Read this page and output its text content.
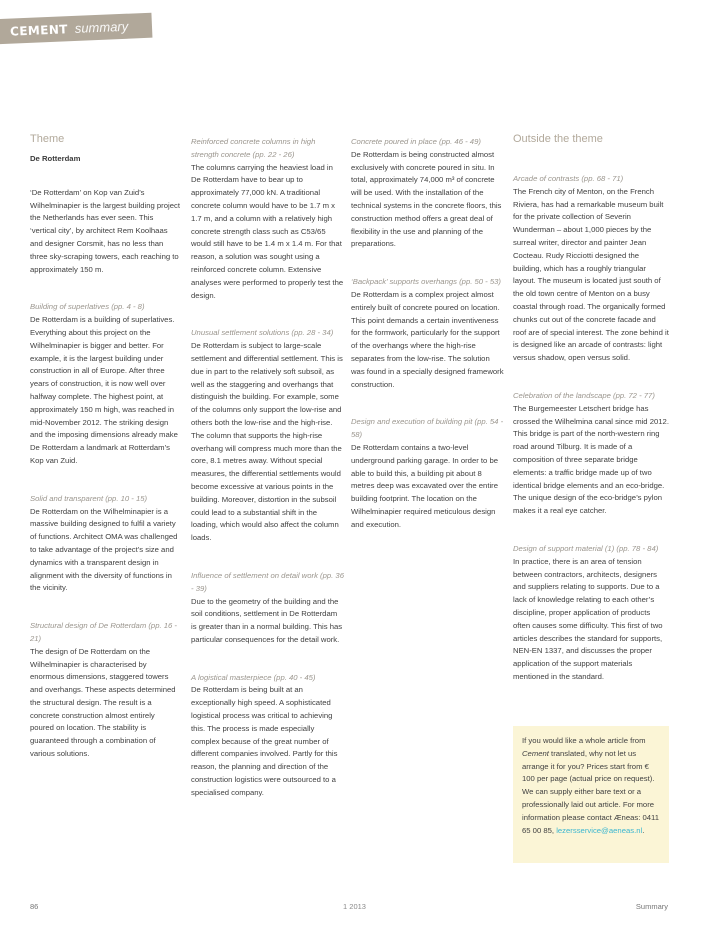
CEMENT summary
Theme
De Rotterdam

‘De Rotterdam’ on Kop van Zuid’s Wilhelminapier is the largest building project the Netherlands has ever seen. This ‘vertical city’, by architect Rem Koolhaas and designer Corsmit, has no less than three sky-scraping towers, each reaching to approximately 150 m.

Building of superlatives (pp. 4 - 8)
De Rotterdam is a building of superlatives. Everything about this project on the Wilhelminapier is bigger and better. For example, it is the largest building under construction in all of Europe. After three years of construction, it is now well over halfway complete. The highest point, at approximately 150 m high, was reached in mid-November 2012. The striking design and the imposing dimensions already make De Rotterdam a landmark at Rotterdam’s Kop van Zuid.
Solid and transparent (pp. 10 - 15)
De Rotterdam on the Wilhelminapier is a massive building designed to fulfil a variety of functions. Architect OMA was challenged to take advantage of the project’s size and dynamics with a transparent design in alignment with the diversity of functions in the vicinity.
Structural design of De Rotterdam (pp. 16 - 21)
The design of De Rotterdam on the Wilhelminapier is characterised by enormous dimensions, staggered towers and overhangs. These aspects determined the structural design. The result is a concrete construction almost entirely poured on location. The stability is guaranteed through a combination of various solutions.
Reinforced concrete columns in high strength concrete (pp. 22 - 26)
The columns carrying the heaviest load in De Rotterdam have to bear up to approximately 77,000 kN. A traditional concrete column would have to be 1.7 m x 1.7 m, and a column with a relatively high concrete strength class such as C53/65 would still have to be 1.4 m x 1.4 m. For that reason, a solution was sought using a reinforced concrete column. Extensive analyses were performed to properly test the design.
Unusual settlement solutions (pp. 28 - 34)
De Rotterdam is subject to large-scale settlement and differential settlement. This is due in part to the relatively soft subsoil, as well as the staggering and overhangs that distinguish the building. For example, some of the columns only support the low-rise and others both the low-rise and the high-rise. The column that supports the high-rise overhang will compress much more than the core, 8.1 metres away. Without special measures, the differential settlements would become excessive at various points in the building. Moreover, distortion in the subsoil could lead to a substantial shift in the loading, which would also affect the column loads.
Influence of settlement on detail work (pp. 36 - 39)
Due to the geometry of the building and the soil conditions, settlement in De Rotterdam is greater than in a normal building. This has particular consequences for the detail work.
A logistical masterpiece (pp. 40 - 45)
De Rotterdam is being built at an exceptionally high speed. A sophisticated logistical process was critical to achieving this. The process is made especially complex because of the great number of different companies involved. Partly for this reason, the planning and direction of the construction logistics were outsourced to a specialised company.
Concrete poured in place (pp. 46 - 49)
De Rotterdam is being constructed almost exclusively with concrete poured in situ. In total, approximately 74,000 m³ of concrete will be used. With the installation of the technical systems in the concrete floors, this construction method offers a great deal of flexibility in the use and planning of the preparations.
‘Backpack’ supports overhangs (pp. 50 - 53)
De Rotterdam is a complex project almost entirely built of concrete poured on location. This point demands a certain inventiveness for the formwork, particularly for the support of the overhangs where the high-rise separates from the low-rise. The solution was found in a specially designed framework construction.
Design and execution of building pit (pp. 54 - 58)
De Rotterdam contains a two-level underground parking garage. In order to be able to build this, a building pit about 8 metres deep was excavated over the entire building footprint. The location on the Wilhelminapier required meticulous design and execution.
Outside the theme
Arcade of contrasts (pp. 68 - 71)
The French city of Menton, on the French Riviera, has had a remarkable museum built for the private collection of Severin Wunderman – about 1,000 pieces by the surreal writer, director and painter Jean Cocteau. Rudy Ricciotti designed the building, which has a roughly triangular layout. The museum is located just south of the old town centre of Menton on a busy coastal through road. The organically formed chunks cut out of the concrete facade and roof are of special interest. The zone behind it is designed like an arcade of contrasts: light versus shadow, open versus solid.
Celebration of the landscape (pp. 72 - 77)
The Burgemeester Letschert bridge has crossed the Wilhelmina canal since mid 2012. This bridge is part of the north-western ring road around Tilburg. It is made of a composition of three separate bridge elements: a traffic bridge made up of two identical bridge elements and an eco-bridge. The unique design of the eco-bridge’s pylon makes it a real eye catcher.
Design of support material (1) (pp. 78 - 84)
In practice, there is an area of tension between contractors, architects, designers and suppliers relating to supports. Due to a lack of knowledge relating to each other’s discipline, proper application of products often causes some difficulty. This first of two articles describes the standard for supports, NEN-EN 1337, and discusses the proper application of the support materials mentioned in the standard.

If you would like a whole article from Cement translated, why not let us arrange it for you? Prices start from € 100 per page (actual price on request).

We can supply either bare text or a professionally laid out article. For more information please contact Æneas: 0411 65 00 85, lezersservice@aeneas.nl.

86	1 2013	Summary
